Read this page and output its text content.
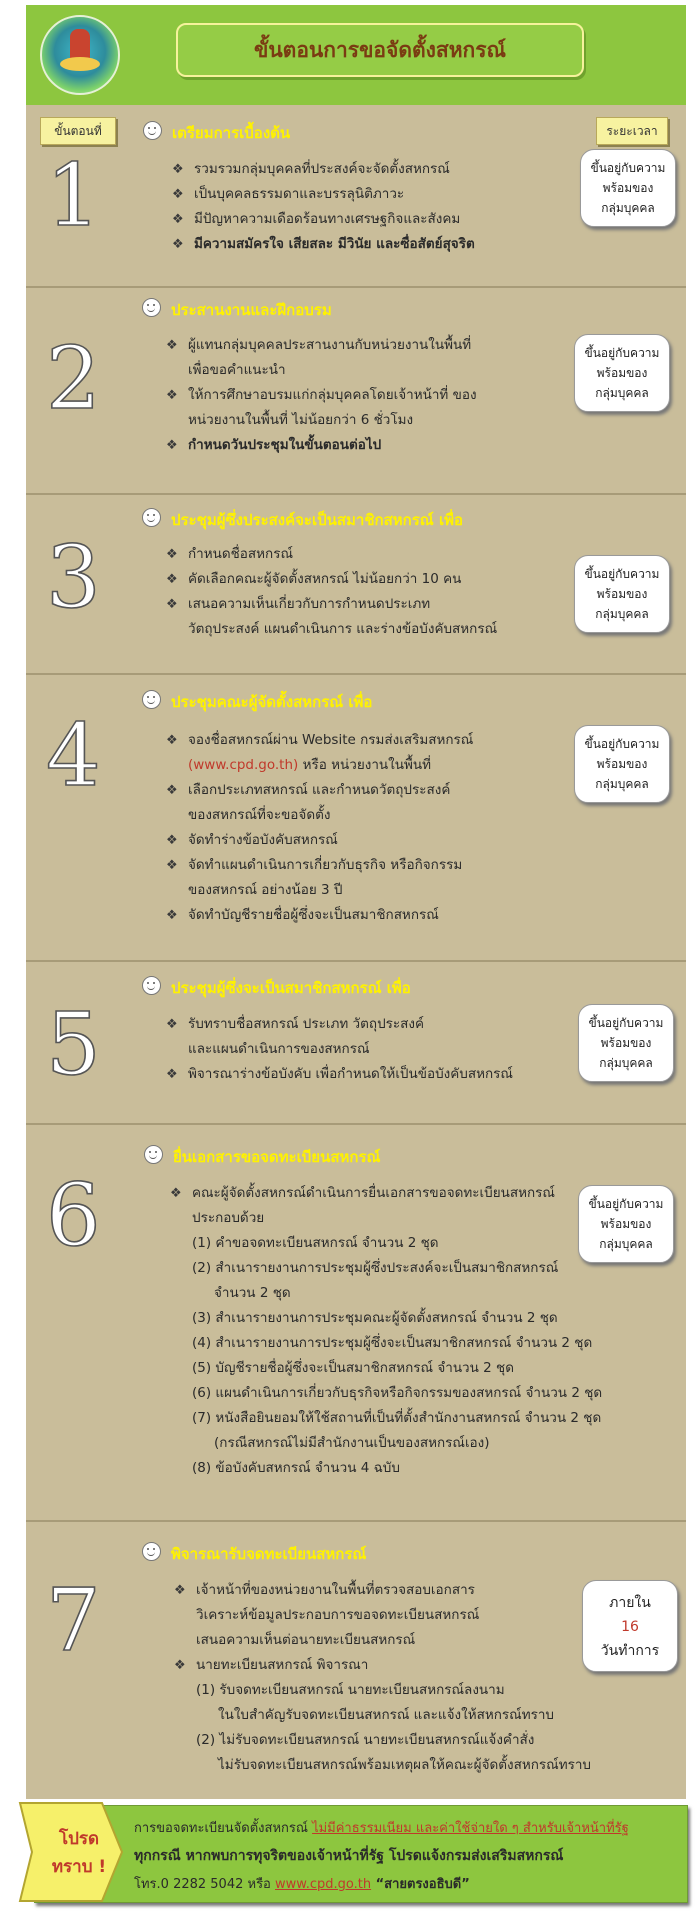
ขั้นตอนการขอจัดตั้งสหกรณ์
1
เตรียมการเบื้องต้น
❖ รวมรวมกลุ่มบุคคลที่ประสงค์จะจัดตั้งสหกรณ์
❖ เป็นบุคคลธรรมดาและบรรลุนิติภาวะ
❖ มีปัญหาความเดือดร้อนทางเศรษฐกิจและสังคม
❖ มีความสมัครใจ เสียสละ มีวินัย และซื่อสัตย์สุจริต
ขึ้นอยู่กับความ
พร้อมของ
กลุ่มบุคคล
ขั้นตอนที่	ระยะเวลา
2
ประสานงานและฝึกอบรม
❖ ผู้แทนกลุ่มบุคคลประสานงานกับหน่วยงานในพื้นที่
เพื่อขอคำแนะนำ
❖ ให้การศึกษาอบรมแก่กลุ่มบุคคลโดยเจ้าหน้าที่ ของ
หน่วยงานในพื้นที่ ไม่น้อยกว่า 6 ชั่วโมง
❖ กำหนดวันประชุมในขั้นตอนต่อไป
ขึ้นอยู่กับความ
พร้อมของ
กลุ่มบุคคล
3
ประชุมผู้ซึ่งประสงค์จะเป็นสมาชิกสหกรณ์ เพื่อ
❖ กำหนดชื่อสหกรณ์
❖ คัดเลือกคณะผู้จัดตั้งสหกรณ์ ไม่น้อยกว่า 10 คน
❖ เสนอความเห็นเกี่ยวกับการกำหนดประเภท
วัตถุประสงค์ แผนดำเนินการ และร่างข้อบังคับสหกรณ์
ขึ้นอยู่กับความ
พร้อมของ
กลุ่มบุคคล
4
ประชุมคณะผู้จัดตั้งสหกรณ์ เพื่อ
❖ จองชื่อสหกรณ์ผ่าน Website กรมส่งเสริมสหกรณ์
(www.cpd.go.th) หรือ หน่วยงานในพื้นที่
❖ เลือกประเภทสหกรณ์ และกำหนดวัตถุประสงค์
ของสหกรณ์ที่จะขอจัดตั้ง
❖ จัดทำร่างข้อบังคับสหกรณ์
❖ จัดทำแผนดำเนินการเกี่ยวกับธุรกิจ หรือกิจกรรม
ของสหกรณ์ อย่างน้อย 3 ปี
❖ จัดทำบัญชีรายชื่อผู้ซึ่งจะเป็นสมาชิกสหกรณ์
ขึ้นอยู่กับความ
พร้อมของ
กลุ่มบุคคล
5
ประชุมผู้ซึ่งจะเป็นสมาชิกสหกรณ์ เพื่อ
❖ รับทราบชื่อสหกรณ์ ประเภท วัตถุประสงค์
และแผนดำเนินการของสหกรณ์
❖ พิจารณาร่างข้อบังคับ เพื่อกำหนดให้เป็นข้อบังคับสหกรณ์
ขึ้นอยู่กับความ
พร้อมของ
กลุ่มบุคคล
6
ยื่นเอกสารขอจดทะเบียนสหกรณ์
❖ คณะผู้จัดตั้งสหกรณ์ดำเนินการยื่นเอกสารขอจดทะเบียนสหกรณ์
ประกอบด้วย
(1) คำขอจดทะเบียนสหกรณ์ จำนวน 2 ชุด
(2) สำเนารายงานการประชุมผู้ซึ่งประสงค์จะเป็นสมาชิกสหกรณ์
จำนวน 2 ชุด
(3) สำเนารายงานการประชุมคณะผู้จัดตั้งสหกรณ์ จำนวน 2 ชุด
(4) สำเนารายงานการประชุมผู้ซึ่งจะเป็นสมาชิกสหกรณ์ จำนวน 2 ชุด
(5) บัญชีรายชื่อผู้ซึ่งจะเป็นสมาชิกสหกรณ์ จำนวน 2 ชุด
(6) แผนดำเนินการเกี่ยวกับธุรกิจหรือกิจกรรมของสหกรณ์ จำนวน 2 ชุด
(7) หนังสือยินยอมให้ใช้สถานที่เป็นที่ตั้งสำนักงานสหกรณ์ จำนวน 2 ชุด
(กรณีสหกรณ์ไม่มีสำนักงานเป็นของสหกรณ์เอง)
(8) ข้อบังคับสหกรณ์ จำนวน 4 ฉบับ
ขึ้นอยู่กับความ
พร้อมของ
กลุ่มบุคคล
7
พิจารณารับจดทะเบียนสหกรณ์
❖ เจ้าหน้าที่ของหน่วยงานในพื้นที่ตรวจสอบเอกสาร
วิเคราะห์ข้อมูลประกอบการขอจดทะเบียนสหกรณ์
เสนอความเห็นต่อนายทะเบียนสหกรณ์
❖ นายทะเบียนสหกรณ์ พิจารณา
(1) รับจดทะเบียนสหกรณ์ นายทะเบียนสหกรณ์ลงนาม
ในใบสำคัญรับจดทะเบียนสหกรณ์ และแจ้งให้สหกรณ์ทราบ
(2) ไม่รับจดทะเบียนสหกรณ์ นายทะเบียนสหกรณ์แจ้งคำสั่ง
ไม่รับจดทะเบียนสหกรณ์พร้อมเหตุผลให้คณะผู้จัดตั้งสหกรณ์ทราบ
ภายใน
16
วันทำการ
โปรด
ทราบ !
การขอจดทะเบียนจัดตั้งสหกรณ์ ไม่มีค่าธรรมเนียม และค่าใช้จ่ายใด ๆ สำหรับเจ้าหน้าที่รัฐ
ทุกกรณี หากพบการทุจริตของเจ้าหน้าที่รัฐ โปรดแจ้งกรมส่งเสริมสหกรณ์
โทร.0 2282 5042 หรือ www.cpd.go.th “สายตรงอธิบดี”
